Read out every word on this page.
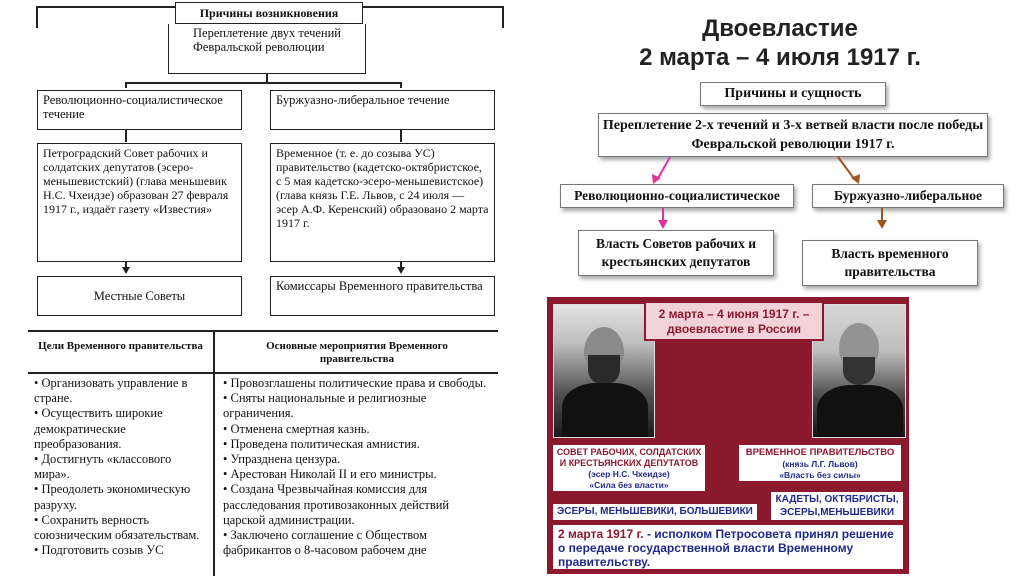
Причины возникновения
Переплетение двух течений Февральской революции
Революционно-социалистическое течение
Буржуазно-либеральное течение
Петроградский Совет рабочих и солдатских депутатов (эсеро-меньшевистский) (глава меньшевик Н.С. Чхеидзе) образован 27 февраля 1917 г., издаёт газету «Известия»
Временное (т. е. до созыва УС) правительство (кадетско-октябристское, с 5 мая кадетско-эсеро-меньшевистское) (глава князь Г.Е. Львов, с 24 июля — эсер А.Ф. Керенский) образовано 2 марта 1917 г.
Местные Советы
Комиссары Временного правительства
Цели Временного правительства	Основные мероприятия Временного правительства
• Организовать управление в стране.
• Осуществить широкие демократические преобразования.
• Достигнуть «классового мира».
• Преодолеть экономическую разруху.
• Сохранить верность союзническим обязательствам.
• Подготовить созыв УС
• Провозглашены политические права и свободы.
• Сняты национальные и религиозные ограничения.
• Отменена смертная казнь.
• Проведена политическая амнистия.
• Упразднена цензура.
• Арестован Николай II и его министры.
• Создана Чрезвычайная комиссия для расследования противозаконных действий царской администрации.
• Заключено соглашение с Обществом фабрикантов о 8-часовом рабочем дне
Двоевластие
2 марта – 4 июля 1917 г.
Причины и сущность
Переплетение 2-х течений и 3-х ветвей власти после победы Февральской революции 1917 г.
Революционно-социалистическое	Буржуазно-либеральное
Власть Советов рабочих и крестьянских депутатов
Власть временного правительства
2 марта – 4 июня 1917 г. – двоевластие в России
СОВЕТ РАБОЧИХ, СОЛДАТСКИХ И КРЕСТЬЯНСКИХ ДЕПУТАТОВ
(эсер Н.С. Чхеидзе)
«Сила без власти»
ВРЕМЕННОЕ ПРАВИТЕЛЬСТВО
(князь Л.Г. Львов)
«Власть без силы»
ЭСЕРЫ, МЕНЬШЕВИКИ, БОЛЬШЕВИКИ
КАДЕТЫ, ОКТЯБРИСТЫ, ЭСЕРЫ,МЕНЬШЕВИКИ
2 марта 1917 г. - исполком Петросовета принял решение о передаче государственной власти Временному правительству.
